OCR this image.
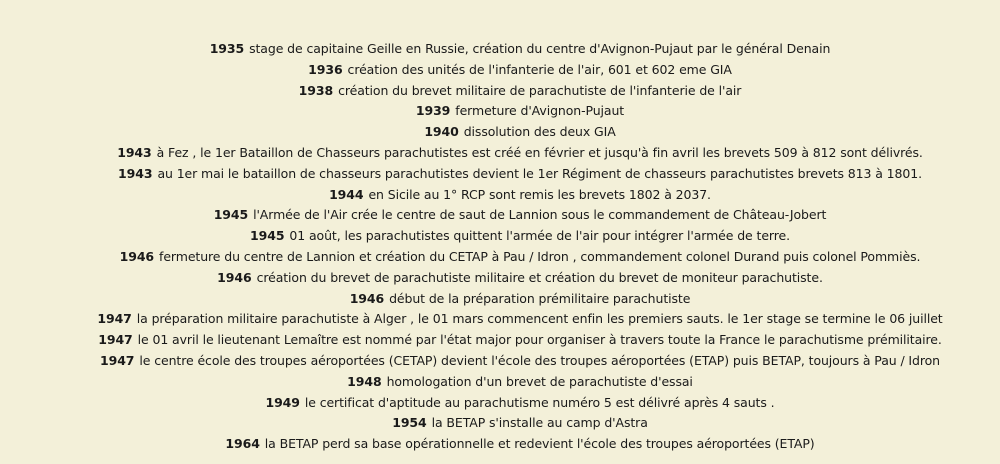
1935 stage de capitaine Geille en Russie, création du centre d'Avignon-Pujaut par le général Denain
1936 création des unités de l'infanterie de l'air, 601 et 602 eme GIA
1938 création du brevet militaire de parachutiste de l'infanterie de l'air
1939 fermeture d'Avignon-Pujaut
1940 dissolution des deux GIA
1943 à Fez , le 1er Bataillon de Chasseurs parachutistes est créé en février et jusqu'à fin avril les brevets 509 à 812 sont délivrés.
1943 au 1er mai le bataillon de chasseurs parachutistes devient le 1er Régiment de chasseurs parachutistes brevets 813 à 1801.
1944 en Sicile au 1° RCP sont remis les brevets 1802 à 2037.
1945 l'Armée de l'Air crée le centre de saut de Lannion sous le commandement de Château-Jobert
1945 01 août, les parachutistes quittent l'armée de l'air pour intégrer l'armée de terre.
1946 fermeture du centre de Lannion et création du CETAP à Pau / Idron , commandement colonel Durand puis colonel Pommiès.
1946 création du brevet de parachutiste militaire et création du brevet de moniteur parachutiste.
1946 début de la préparation prémilitaire parachutiste
1947 la préparation militaire parachutiste à Alger , le 01 mars commencent enfin les premiers sauts. le 1er stage se termine le 06 juillet
1947 le 01 avril le lieutenant Lemaître est nommé par l'état major pour organiser à travers toute la France le parachutisme prémilitaire.
1947 le centre école des troupes aéroportées (CETAP) devient l'école des troupes aéroportées (ETAP) puis BETAP, toujours à Pau / Idron
1948 homologation d'un brevet de parachutiste d'essai
1949 le certificat d'aptitude au parachutisme numéro 5 est délivré après 4 sauts .
1954 la BETAP s'installe au camp d'Astra
1964 la BETAP perd sa base opérationnelle et redevient l'école des troupes aéroportées (ETAP)
